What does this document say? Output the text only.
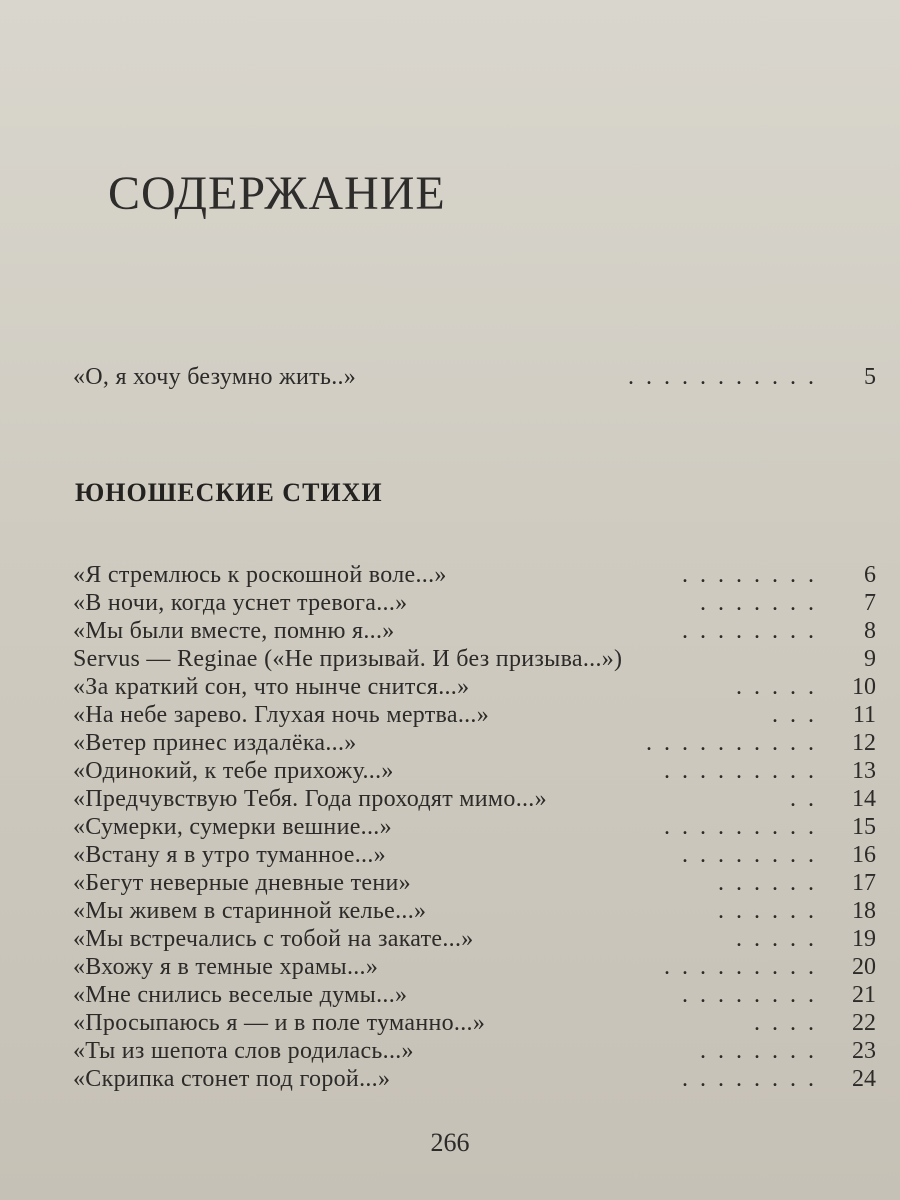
СОДЕРЖАНИЕ
«О, я хочу безумно жить..»	........... 5
ЮНОШЕСКИЕ СТИХИ
«Я стремлюсь к роскошной воле...»	........ 6
«В ночи, когда уснет тревога...»	....... 7
«Мы были вместе, помню я...»	........ 8
Servus — Reginae («Не призывай. И без призыва...»)	9
«За краткий сон, что нынче снится...»	..... 10
«На небе зарево. Глухая ночь мертва...»	... 11
«Ветер принес издалёка...»	.......... 12
«Одинокий, к тебе прихожу...»	......... 13
«Предчувствую Тебя. Года проходят мимо...»	.. 14
«Сумерки, сумерки вешние...»	......... 15
«Встану я в утро туманное...»	........ 16
«Бегут неверные дневные тени»	...... 17
«Мы живем в старинной келье...»	...... 18
«Мы встречались с тобой на закате...»	..... 19
«Вхожу я в темные храмы...»	......... 20
«Мне снились веселые думы...»	........ 21
«Просыпаюсь я — и в поле туманно...»	.... 22
«Ты из шепота слов родилась...»	....... 23
«Скрипка стонет под горой...»	........ 24
266
